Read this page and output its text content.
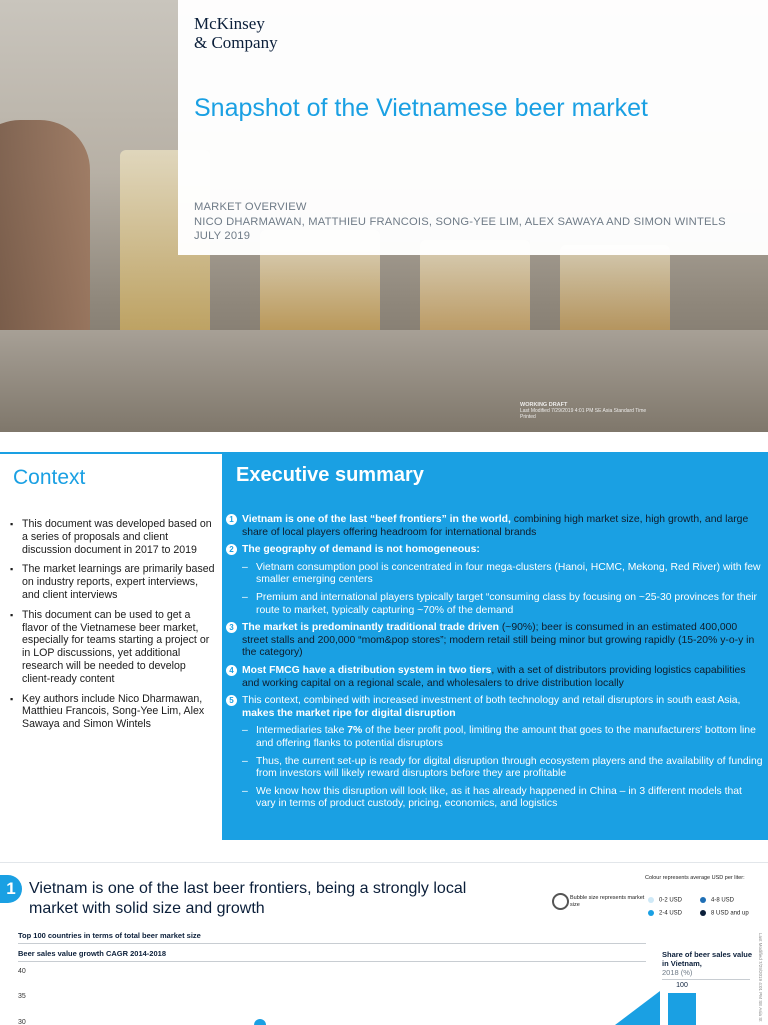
McKinsey
& Company
Snapshot of the Vietnamese beer market
MARKET OVERVIEW
NICO DHARMAWAN, MATTHIEU FRANCOIS, SONG-YEE LIM, ALEX SAWAYA AND SIMON WINTELS
JULY 2019
WORKING DRAFT
Last Modified 7/29/2019 4:01 PM SE Asia Standard Time
Printed
Context
▪ This document was developed based on a series of proposals and client discussion document in 2017 to 2019
▪ The market learnings are primarily based on industry reports, expert interviews, and client interviews
▪ This document can be used to get a flavor of the Vietnamese beer market, especially for teams starting a project or in LOP discussions, yet additional research will be needed to develop client-ready content
▪ Key authors include Nico Dharmawan, Matthieu Francois, Song-Yee Lim, Alex Sawaya and Simon Wintels
Executive summary
1 Vietnam is one of the last “beef frontiers” in the world, combining high market size, high growth, and large share of local players offering headroom for international brands
2 The geography of demand is not homogeneous:
– Vietnam consumption pool is concentrated in four mega-clusters (Hanoi, HCMC, Mekong, Red River) with few smaller emerging centers
– Premium and international players typically target “consuming class by focusing on ~25-30 provinces for their route to market, typically capturing ~70% of the demand
3 The market is predominantly traditional trade driven (~90%); beer is consumed in an estimated 400,000 street stalls and 200,000 “mom&pop stores”; modern retail still being minor but growing rapidly (15-20% y-o-y in the category)
4 Most FMCG have a distribution system in two tiers, with a set of distributors providing logistics capabilities and working capital on a regional scale, and wholesalers to drive distribution locally
5 This context, combined with increased investment of both technology and retail disruptors in south east Asia, makes the market ripe for digital disruption
– Intermediaries take 7% of the beer profit pool, limiting the amount that goes to the manufacturers' bottom line and offering flanks to potential disruptors
– Thus, the current set-up is ready for digital disruption through ecosystem players and the availability of funding from investors will likely reward disruptors before they are profitable
– We know how this disruption will look like, as it has already happened in China – in 3 different models that vary in terms of product custody, pricing, economics, and logistics
1 Vietnam is one of the last beer frontiers, being a strongly local market with solid size and growth
Bubble size represents market size
Colour represents average USD per liter:
0-2 USD	4-8 USD
2-4 USD	8 USD and up
Top 100 countries in terms of total beer market size
Beer sales value growth CAGR 2014-2018	Share of beer sales value in Vietnam,
2018 (%)	Last Modified 7/29/2019 4:01 PM SE Asia St
40
35
30
100
